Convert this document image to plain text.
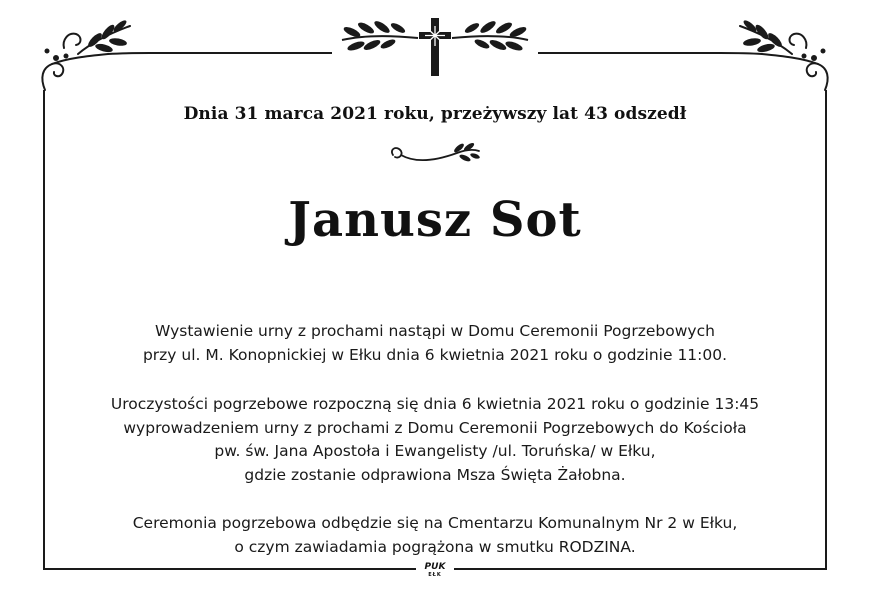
Dnia 31 marca 2021 roku, przeżywszy lat 43 odszedł
Janusz Sot
Wystawienie urny z prochami nastąpi w Domu Ceremonii Pogrzebowych
przy ul. M. Konopnickiej w Ełku dnia 6 kwietnia 2021 roku o godzinie 11:00.
Uroczystości pogrzebowe rozpoczną się dnia 6 kwietnia 2021 roku o godzinie 13:45
wyprowadzeniem urny z prochami z Domu Ceremonii Pogrzebowych do Kościoła
pw. św. Jana Apostoła i Ewangelisty /ul. Toruńska/ w Ełku,
gdzie zostanie odprawiona Msza Święta Żałobna.
Ceremonia pogrzebowa odbędzie się na Cmentarzu Komunalnym Nr 2 w Ełku,
o czym zawiadamia pogrążona w smutku RODZINA.
PUK
EŁK
